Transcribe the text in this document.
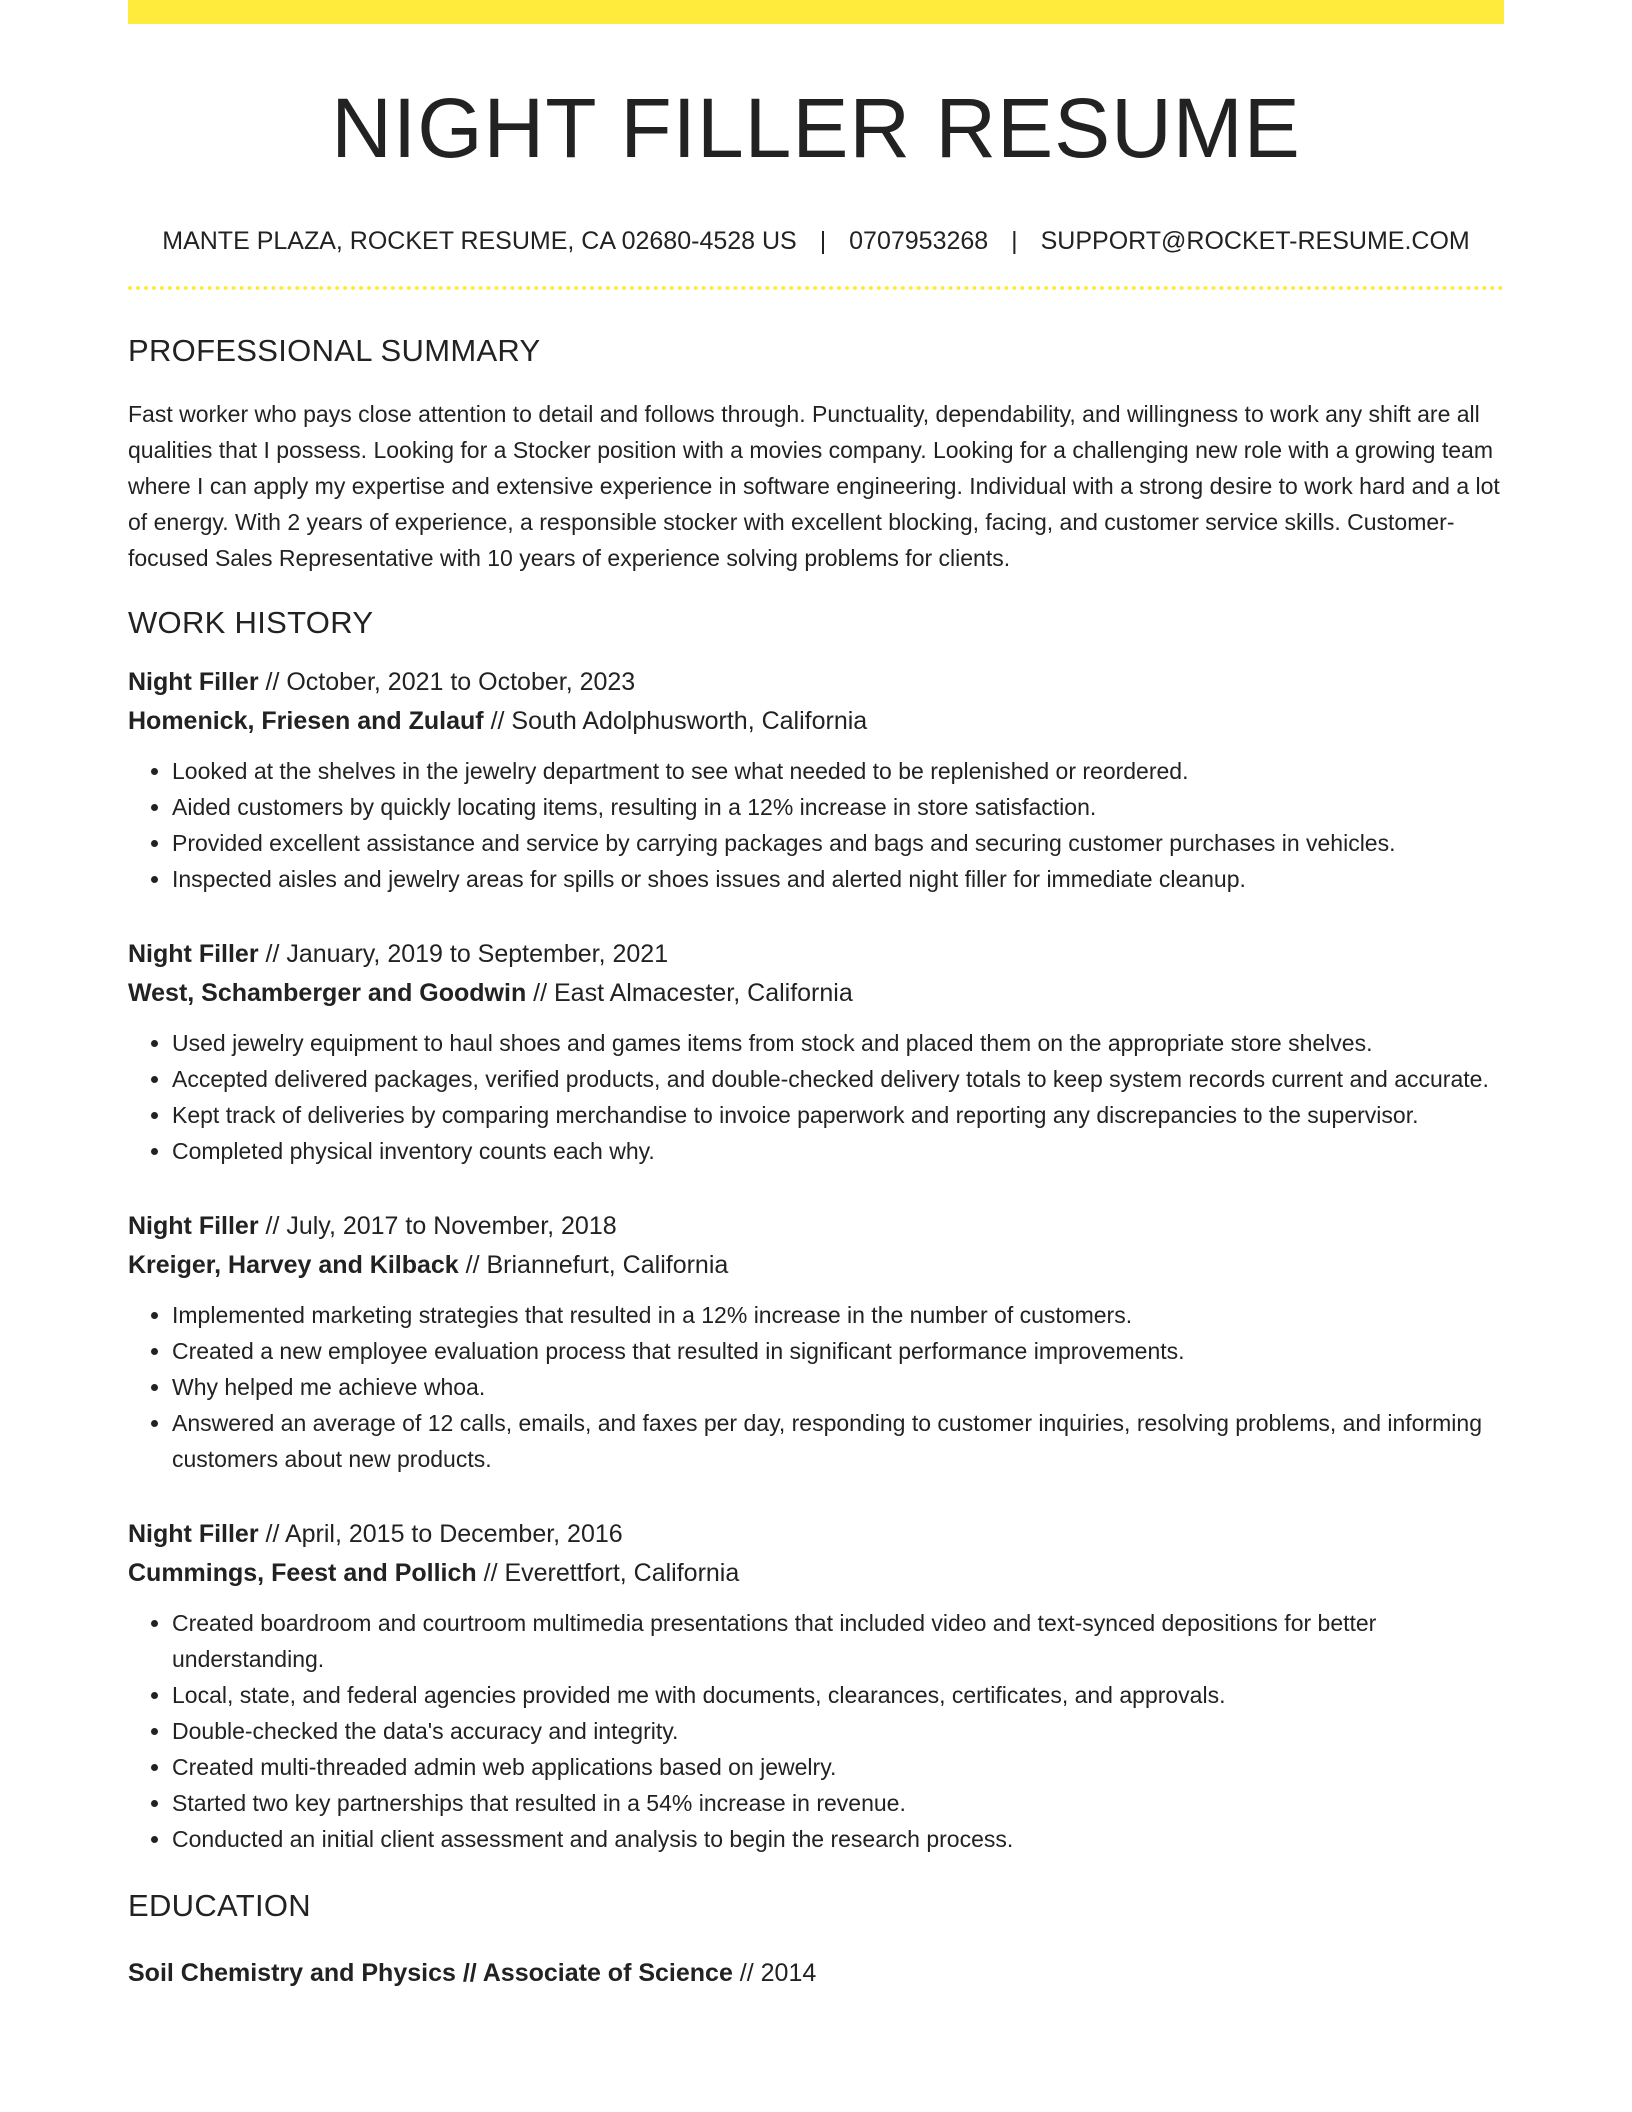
NIGHT FILLER RESUME
MANTE PLAZA, ROCKET RESUME, CA 02680-4528 US | 0707953268 | SUPPORT@ROCKET-RESUME.COM
PROFESSIONAL SUMMARY

Fast worker who pays close attention to detail and follows through. Punctuality, dependability, and willingness to work any shift are all qualities that I possess. Looking for a Stocker position with a movies company. Looking for a challenging new role with a growing team where I can apply my expertise and extensive experience in software engineering. Individual with a strong desire to work hard and a lot of energy. With 2 years of experience, a responsible stocker with excellent blocking, facing, and customer service skills. Customer-focused Sales Representative with 10 years of experience solving problems for clients.

WORK HISTORY
Night Filler // October, 2021 to October, 2023
Homenick, Friesen and Zulauf // South Adolphusworth, California
• Looked at the shelves in the jewelry department to see what needed to be replenished or reordered.
• Aided customers by quickly locating items, resulting in a 12% increase in store satisfaction.
• Provided excellent assistance and service by carrying packages and bags and securing customer purchases in vehicles.
• Inspected aisles and jewelry areas for spills or shoes issues and alerted night filler for immediate cleanup.
Night Filler // January, 2019 to September, 2021
West, Schamberger and Goodwin // East Almacester, California
• Used jewelry equipment to haul shoes and games items from stock and placed them on the appropriate store shelves.
• Accepted delivered packages, verified products, and double-checked delivery totals to keep system records current and accurate.
• Kept track of deliveries by comparing merchandise to invoice paperwork and reporting any discrepancies to the supervisor.
• Completed physical inventory counts each why.
Night Filler // July, 2017 to November, 2018
Kreiger, Harvey and Kilback // Briannefurt, California
• Implemented marketing strategies that resulted in a 12% increase in the number of customers.
• Created a new employee evaluation process that resulted in significant performance improvements.
• Why helped me achieve whoa.
• Answered an average of 12 calls, emails, and faxes per day, responding to customer inquiries, resolving problems, and informing customers about new products.
Night Filler // April, 2015 to December, 2016
Cummings, Feest and Pollich // Everettfort, California
• Created boardroom and courtroom multimedia presentations that included video and text-synced depositions for better understanding.
• Local, state, and federal agencies provided me with documents, clearances, certificates, and approvals.
• Double-checked the data's accuracy and integrity.
• Created multi-threaded admin web applications based on jewelry.
• Started two key partnerships that resulted in a 54% increase in revenue.
• Conducted an initial client assessment and analysis to begin the research process.
EDUCATION
Soil Chemistry and Physics // Associate of Science // 2014
